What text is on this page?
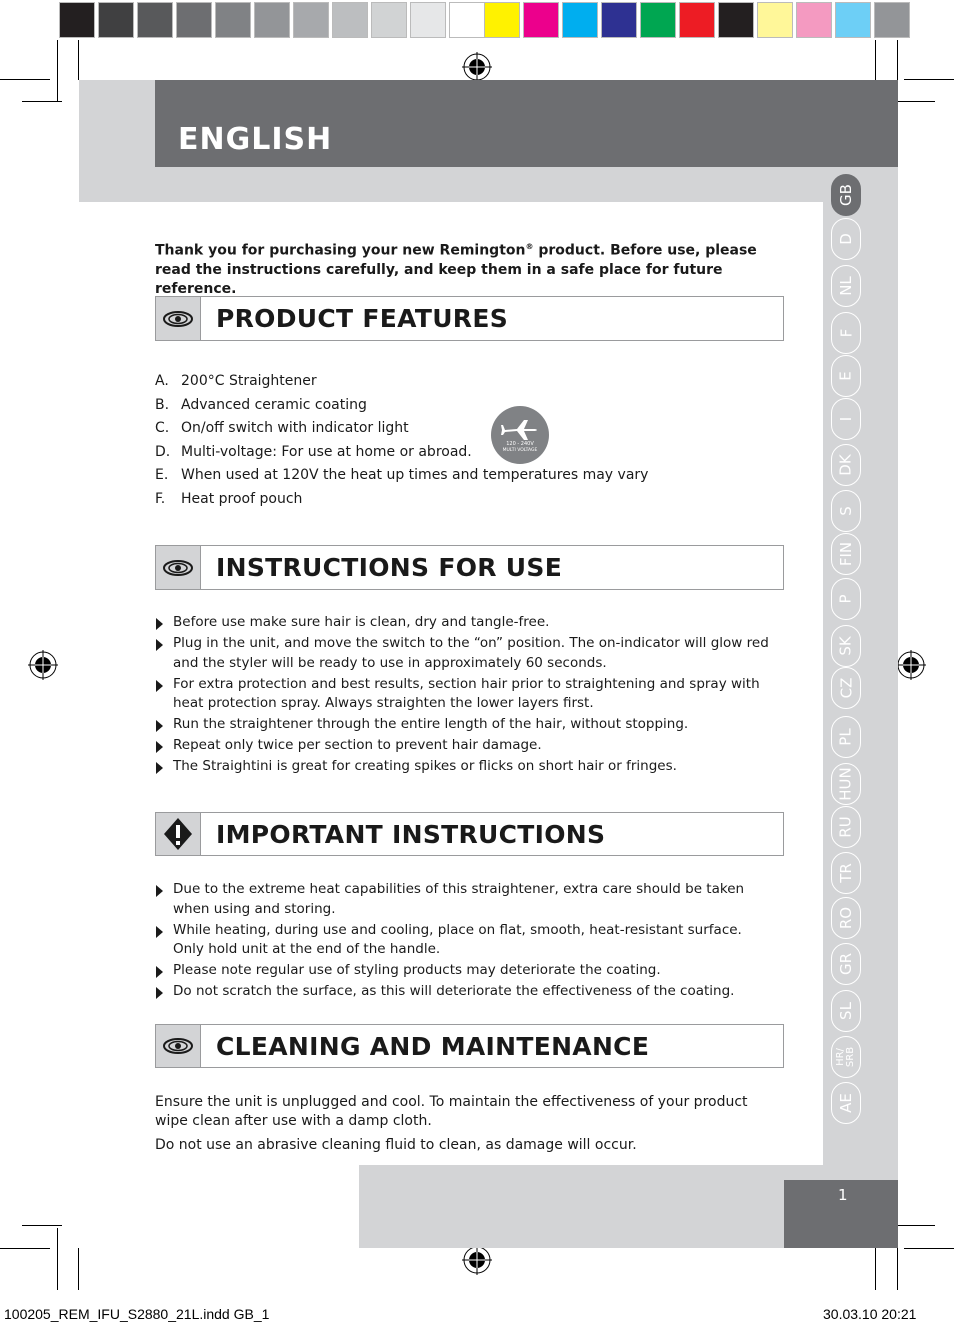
ENGLISH
GB
D
NL
F
E
I
DK
S
FIN
P
SK
CZ
PL
HUN
RU
TR
RO
GR
SL
HR/
SRB
AE
Thank you for purchasing your new Remington® product. Before use, please read the instructions carefully, and keep them in a safe place for future reference.
PRODUCT FEATURES
A. 200°C Straightener
B. Advanced ceramic coating
C. On/off switch with indicator light
D. Multi-voltage: For use at home or abroad.
E. When used at 120V the heat up times and temperatures may vary
F.	Heat proof pouch
120 - 240V
MULTI VOLTAGE
INSTRUCTIONS FOR USE
Before use make sure hair is clean, dry and tangle-free.
Plug in the unit, and move the switch to the “on” position. The on-indicator will glow red and the styler will be ready to use in approximately 60 seconds.
For extra protection and best results, section hair prior to straightening and spray with heat protection spray. Always straighten the lower layers first.
Run the straightener through the entire length of the hair, without stopping.
Repeat only twice per section to prevent hair damage.
The Straightini is great for creating spikes or flicks on short hair or fringes.
IMPORTANT INSTRUCTIONS
Due to the extreme heat capabilities of this straightener, extra care should be taken when using and storing.
While heating, during use and cooling, place on flat, smooth, heat-resistant surface. Only hold unit at the end of the handle.
Please note regular use of styling products may deteriorate the coating.
Do not scratch the surface, as this will deteriorate the effectiveness of the coating.
CLEANING AND MAINTENANCE
Ensure the unit is unplugged and cool. To maintain the effectiveness of your product wipe clean after use with a damp cloth.
Do not use an abrasive cleaning fluid to clean, as damage will occur.
1
100205_REM_IFU_S2880_21L.indd GB_1	30.03.10 20:21
